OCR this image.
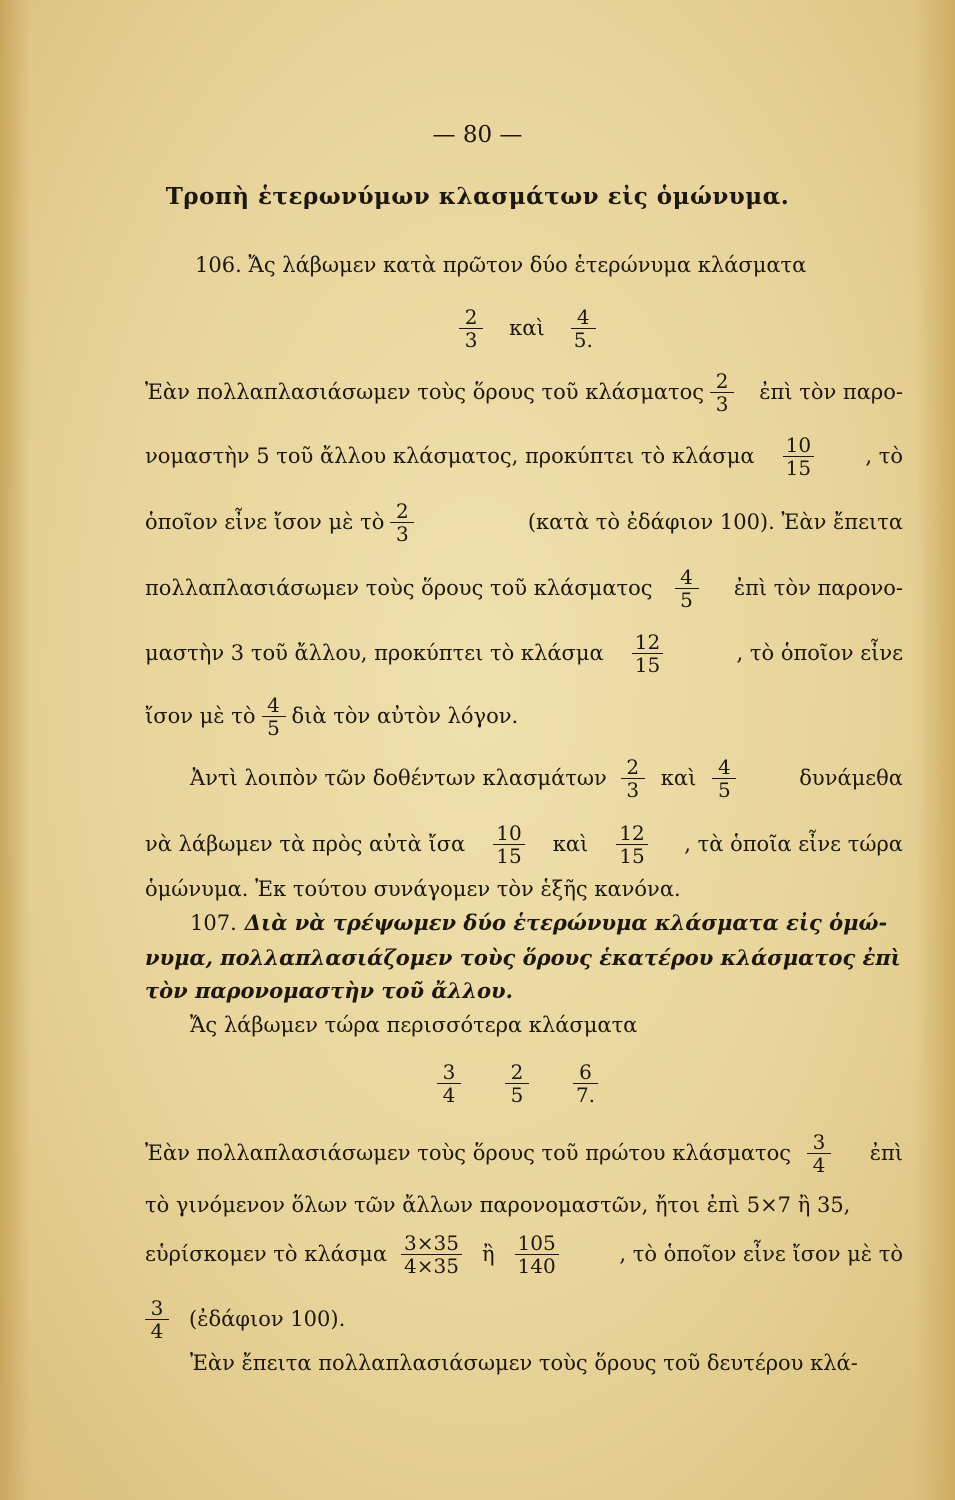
— 80 —
Τροπὴ ἑτερωνύμων κλασμάτων εἰς ὁμώνυμα.
106. Ἄς λάβωμεν κατὰ πρῶτον δύο ἑτερώνυμα κλάσματα
$\frac{2}{3}$ καὶ $\frac{4}{5.}$
Ἐὰν πολλαπλασιάσωμεν τοὺς ὅρους τοῦ κλάσματος $\frac{2}{3}$ ἐπὶ τὸν παρο-
νομαστὴν 5 τοῦ ἄλλου κλάσματος, προκύπτει τὸ κλάσμα $\frac{10}{15}$ , τὸ
ὁποῖον εἶνε ἴσον μὲ τὸ $\frac{2}{3}$	(κατὰ τὸ ἐδάφιον 100). Ἐὰν ἔπειτα
πολλαπλασιάσωμεν τοὺς ὅρους τοῦ κλάσματος $\frac{4}{5}$ ἐπὶ τὸν παρονο-
μαστὴν 3 τοῦ ἄλλου, προκύπτει τὸ κλάσμα $\frac{12}{15}$	, τὸ ὁποῖον εἶνε
ἴσον μὲ τὸ $\frac{4}{5}$ διὰ τὸν αὐτὸν λόγον.
Ἀντὶ λοιπὸν τῶν δοθέντων κλασμάτων $\frac{2}{3}$ καὶ $\frac{4}{5}$	δυνάμεθα
νὰ λάβωμεν τὰ πρὸς αὐτὰ ἴσα $\frac{10}{15}$ καὶ $\frac{12}{15}$ , τὰ ὁποῖα εἶνε τώρα
ὁμώνυμα. Ἐκ τούτου συνάγομεν τὸν ἑξῆς κανόνα.
107. Διὰ νὰ τρέψωμεν δύο ἑτερώνυμα κλάσματα εἰς ὁμώ-
νυμα, πολλαπλασιάζομεν τοὺς ὅρους ἑκατέρου κλάσματος ἐπὶ
τὸν παρονομαστὴν τοῦ ἄλλου.
Ἄς λάβωμεν τώρα περισσότερα κλάσματα
$\frac{3}{4} \frac{2}{5} \frac{6}{7.}$
Ἐὰν πολλαπλασιάσωμεν τοὺς ὅρους τοῦ πρώτου κλάσματος $\frac{3}{4}$ ἐπὶ
τὸ γινόμενον ὅλων τῶν ἄλλων παρονομαστῶν, ἤτοι ἐπὶ 5×7 ἢ 35,
εὑρίσκομεν τὸ κλάσμα $\frac{3\times 35}{4\times 35}$ ἢ $\frac{105}{140}$	, τὸ ὁποῖον εἶνε ἴσον μὲ τὸ
$\frac{3}{4}$ (ἐδάφιον 100).
Ἐὰν ἔπειτα πολλαπλασιάσωμεν τοὺς ὅρους τοῦ δευτέρου κλά-
